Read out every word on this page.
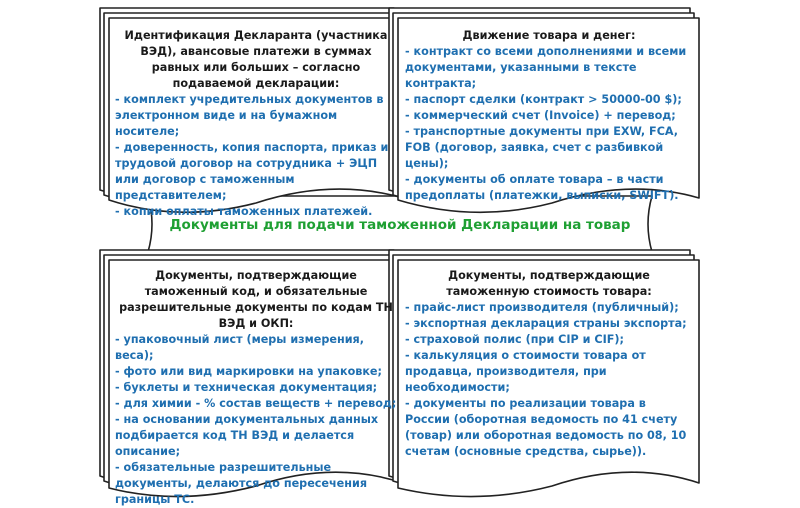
Документы для подачи таможенной Декларации на товар
Идентификация Декларанта (участника ВЭД), авансовые платежи в суммах равных или больших – согласно подаваемой декларации:
- комплект учредительных документов в электронном виде и на бумажном носителе;
- доверенность, копия паспорта, приказ и трудовой договор на сотрудника + ЭЦП или договор с таможенным представителем;
- копии оплаты таможенных платежей.
Движение товара и денег:
- контракт со всеми дополнениями и всеми документами, указанными в тексте контракта;
- паспорт сделки (контракт > 50000-00 $);
- коммерческий счет (Invoice) + перевод;
- транспортные документы при EXW, FCA, FOB (договор, заявка, счет с разбивкой цены);
- документы об оплате товара – в части предоплаты (платежки, выписки, SWIFT).
Документы, подтверждающие таможенный код, и обязательные разрешительные документы по кодам ТН ВЭД и ОКП:
- упаковочный лист (меры измерения, веса);
- фото или вид маркировки на упаковке;
- буклеты и техническая документация;
- для химии - % состав веществ + перевод;
- на основании документальных данных подбирается код ТН ВЭД и делается описание;
- обязательные разрешительные документы, делаются до пересечения границы ТС.
Документы, подтверждающие таможенную стоимость товара:
- прайс-лист производителя (публичный);
- экспортная декларация страны экспорта;
- страховой полис (при CIP и CIF);
- калькуляция о стоимости товара от продавца, производителя, при необходимости;
- документы по реализации товара в России (оборотная ведомость по 41 счету (товар) или оборотная ведомость по 08, 10 счетам (основные средства, сырье)).
